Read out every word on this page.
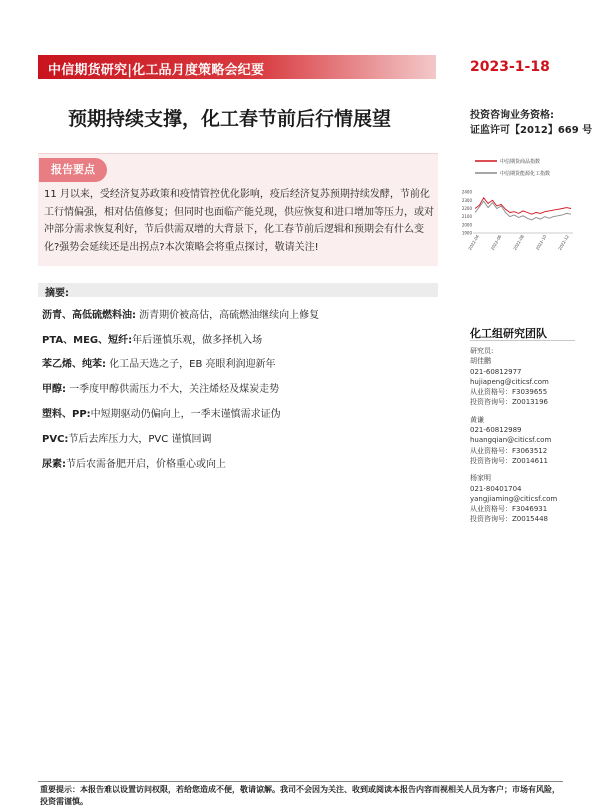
中信期货研究|化工品月度策略会纪要	2023-1-18
预期持续支撑，化工春节前后行情展望	投资咨询业务资格:
证监许可【2012】669 号
报告要点
11 月以来，受经济复苏政策和疫情管控优化影响，疫后经济复苏预期持续发酵，节前化工行情偏强，相对估值修复；但同时也面临产能兑现，供应恢复和进口增加等压力，或对冲部分需求恢复利好，节后供需双增的大背景下，化工春节前后逻辑和预期会有什么变化?强势会延续还是出拐点?本次策略会将重点探讨，敬请关注!
中信期货商品指数
中信期货能源化工指数
2400
2300
2200
2100
2000
1900
2022-04 2022-06 2022-08 2022-10 2022-12
摘要:
沥青、高低硫燃料油: 沥青期价被高估，高硫燃油继续向上修复
PTA、MEG、短纤:年后谨慎乐观，做多择机入场
苯乙烯、纯苯: 化工品天选之子，EB 亮眼利润迎新年
甲醇: 一季度甲醇供需压力不大，关注烯烃及煤炭走势
塑料、PP:中短期驱动仍偏向上，一季末谨慎需求证伪
PVC:节后去库压力大，PVC 谨慎回调
尿素:节后农需备肥开启，价格重心或向上
化工组研究团队
研究员:
胡佳鹏
021-60812977
hujiapeng@citicsf.com
从业资格号：F3039655
投资咨询号：Z0013196
黄谦
021-60812989
huangqian@citicsf.com
从业资格号：F3063512
投资咨询号：Z0014611
杨家明
021-80401704
yangjiaming@citicsf.com
从业资格号：F3046931
投资咨询号：Z0015448
重要提示：本报告难以设置访问权限，若给您造成不便，敬请谅解。我司不会因为关注、收到或阅读本报告内容而视相关人员为客户；市场有风险，投资需谨慎。
